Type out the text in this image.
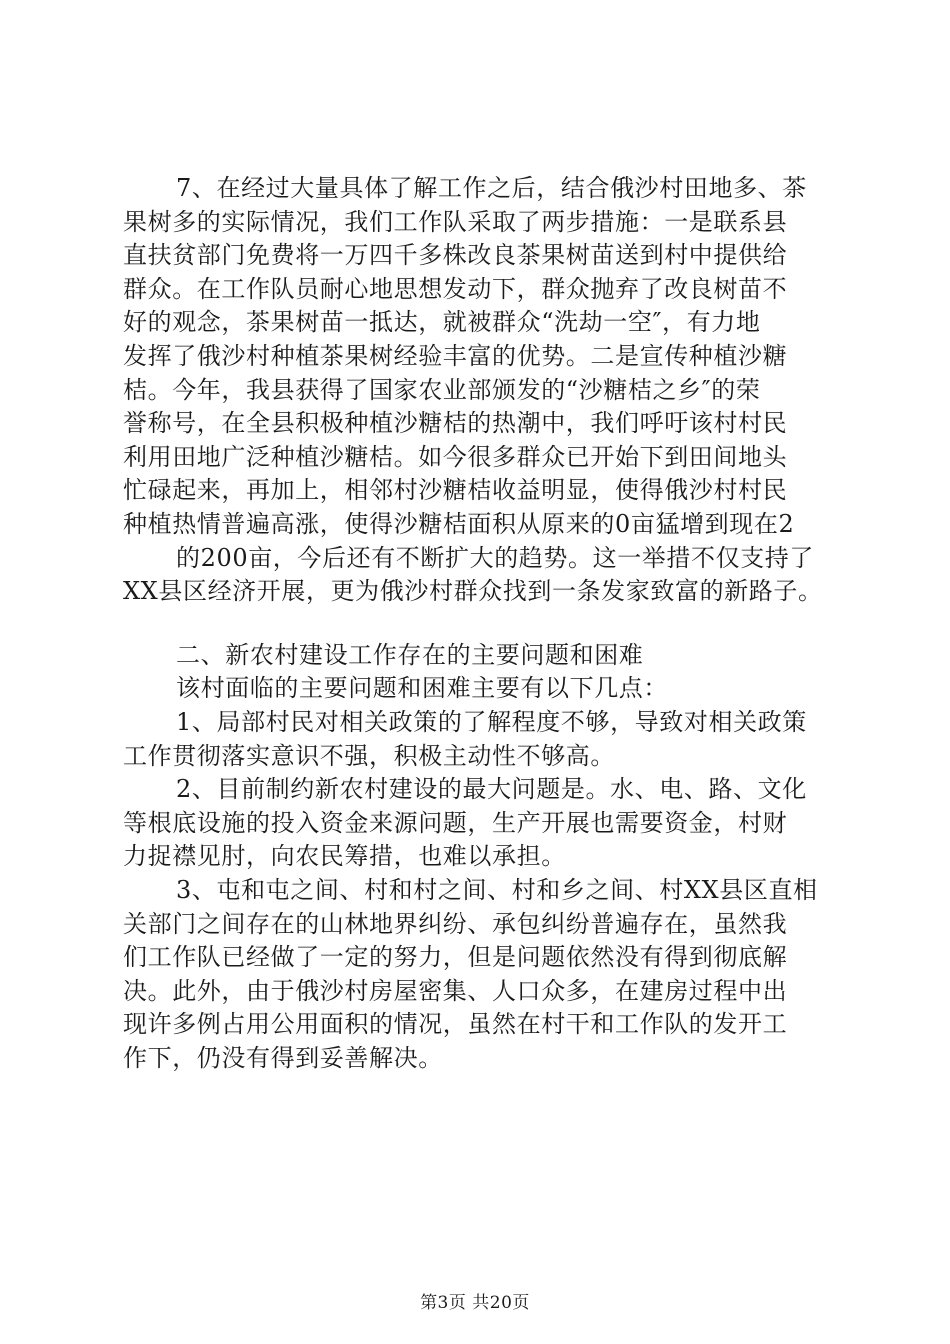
7、在经过大量具体了解工作之后，结合俄沙村田地多、茶
果树多的实际情况，我们工作队采取了两步措施：一是联系县
直扶贫部门免费将一万四千多株改良茶果树苗送到村中提供给
群众。在工作队员耐心地思想发动下，群众抛弃了改良树苗不
好的观念，茶果树苗一抵达，就被群众“洗劫一空″，有力地
发挥了俄沙村种植茶果树经验丰富的优势。二是宣传种植沙糖
桔。今年，我县获得了国家农业部颁发的“沙糖桔之乡″的荣
誉称号，在全县积极种植沙糖桔的热潮中，我们呼吁该村村民
利用田地广泛种植沙糖桔。如今很多群众已开始下到田间地头
忙碌起来，再加上，相邻村沙糖桔收益明显，使得俄沙村村民
种植热情普遍高涨，使得沙糖桔面积从原来的0亩猛增到现在2
的200亩，今后还有不断扩大的趋势。这一举措不仅支持了
XX县区经济开展，更为俄沙村群众找到一条发家致富的新路子。
二、新农村建设工作存在的主要问题和困难
该村面临的主要问题和困难主要有以下几点：
1、局部村民对相关政策的了解程度不够，导致对相关政策
工作贯彻落实意识不强，积极主动性不够高。
2、目前制约新农村建设的最大问题是。水、电、路、文化
等根底设施的投入资金来源问题，生产开展也需要资金，村财
力捉襟见肘，向农民筹措，也难以承担。
3、屯和屯之间、村和村之间、村和乡之间、村XX县区直相
关部门之间存在的山林地界纠纷、承包纠纷普遍存在，虽然我
们工作队已经做了一定的努力，但是问题依然没有得到彻底解
决。此外，由于俄沙村房屋密集、人口众多，在建房过程中出
现许多例占用公用面积的情况，虽然在村干和工作队的发开工
作下，仍没有得到妥善解决。
第3页 共20页
